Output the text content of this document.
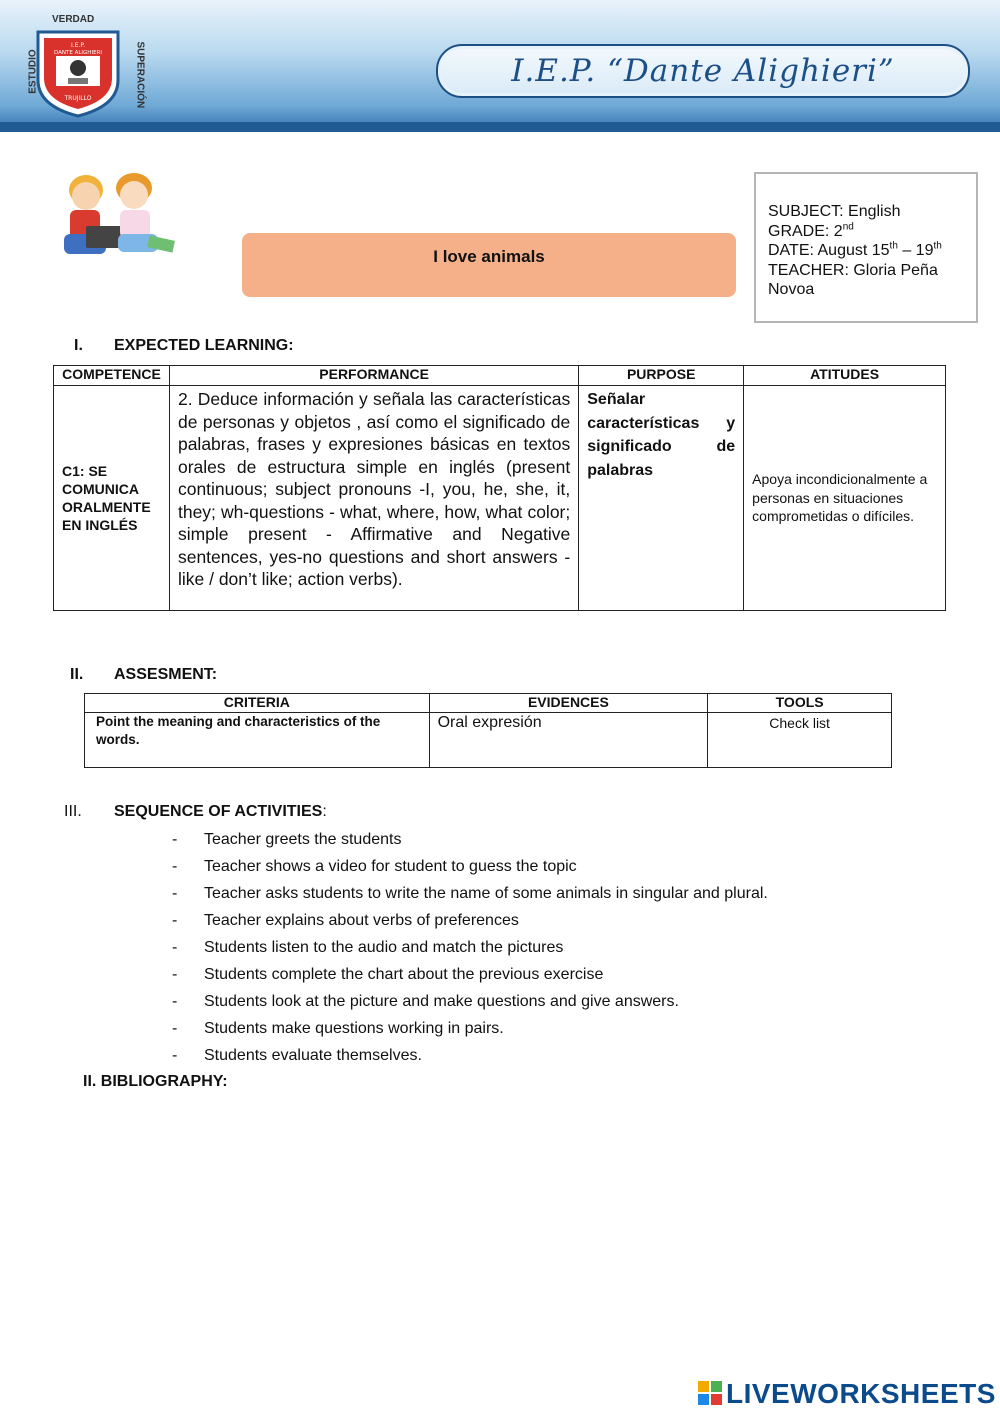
VERDAD
ESTUDIO	SUPERACIÓN
I.E.P.
DANTE ALIGHIERI
TRUJILLO
I.E.P. “Dante Alighieri”
I love animals
SUBJECT: English
GRADE: 2nd
DATE: August 15th – 19th
TEACHER: Gloria Peña Novoa
I. EXPECTED LEARNING:
COMPETENCE	PERFORMANCE	PURPOSE	ATITUDES
C1: SE COMUNICA ORALMENTE EN INGLÉS	2. Deduce información y señala las características de personas y objetos , así como el significado de palabras, frases y expresiones básicas en textos orales de estructura simple en inglés (present continuous; subject pronouns -I, you, he, she, it, they; wh-questions - what, where, how, what color; simple present - Affirmative and Negative sentences, yes-no questions and short answers - like / don’t like; action verbs).	Señalar características y significado de palabras	Apoya incondicionalmente a personas en situaciones comprometidas o difíciles.
II. ASSESMENT:
CRITERIA	EVIDENCES	TOOLS
Point the meaning and characteristics of the words.	Oral expresión	Check list
III. SEQUENCE OF ACTIVITIES:
- Teacher greets the students
- Teacher shows a video for student to guess the topic
- Teacher asks students to write the name of some animals in singular and plural.
- Teacher explains about verbs of preferences
- Students listen to the audio and match the pictures
- Students complete the chart about the previous exercise
- Students look at the picture and make questions and give answers.
- Students make questions working in pairs.
- Students evaluate themselves.
II. BIBLIOGRAPHY:
LIVEWORKSHEETS
